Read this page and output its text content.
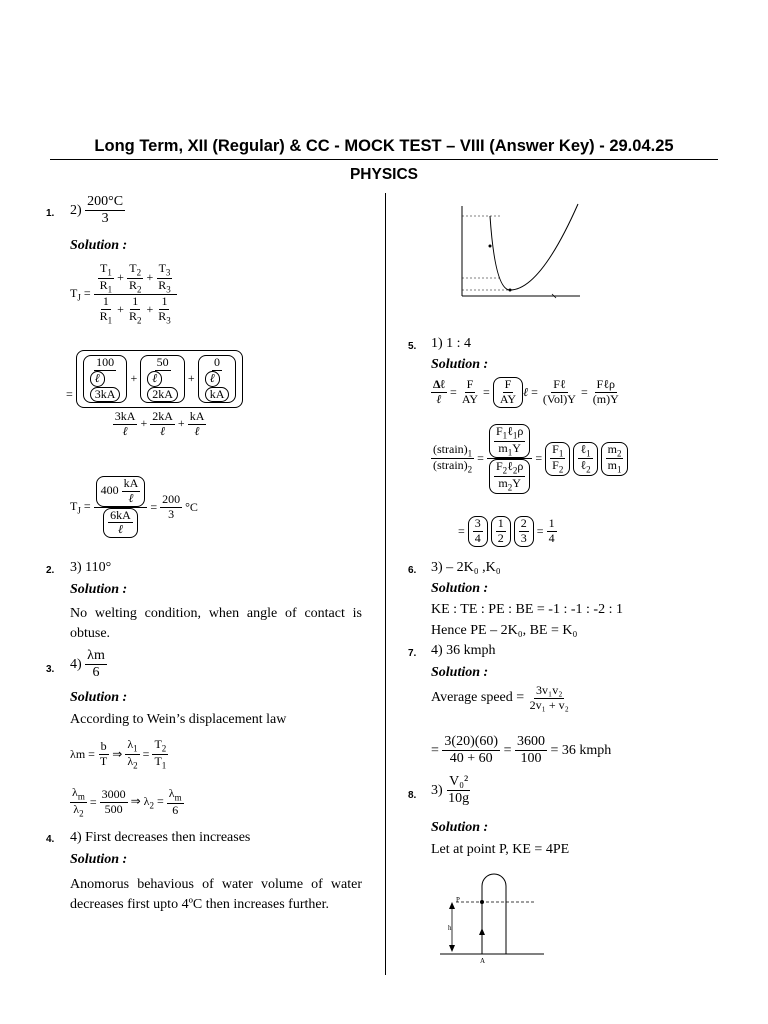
Long Term, XII (Regular) & CC - MOCK TEST – VIII (Answer Key) - 29.04.25
PHYSICS
1. $2) \frac{200^\circ C}{3}$
Solution :
$T_J = \frac{\frac{T_1}{R_1} + \frac{T_2}{R_2} + \frac{T_3}{R_3}}{\frac{1}{R_1} + \frac{1}{R_2} + \frac{1}{R_3}}$
=
100
ℓ
3kA
+
50
ℓ
2kA
+
0
ℓ
kA
$\frac{3kA}{\text{ℓ}} + \frac{2kA}{\text{ℓ}} + \frac{kA}{\text{ℓ}}$
$T_J = \frac{400 \frac{kA}{\text{ℓ}}}{\frac{6kA}{\text{ℓ}}} = \frac{200}{3} ^\circ C$
2. 3) 110°
Solution :
No welting condition, when angle of contact is obtuse.
3. $4) \frac{\lambda m}{6}$
Solution :
According to Wein’s displacement law
$\lambda m = \frac{b}{T}$ ⇒ $\frac{\lambda_1}{\lambda_2} = \frac{T_2}{T_1}$
$\frac{\lambda_m}{\lambda_2} = \frac{3000}{500}$ ⇒ $\lambda_2 = \frac{\lambda_m}{6}$
4. 4) First decreases then increases
Solution :
Anomorus behavious of water volume of water decreases first upto 4ºC then increases further.
5. 1) 1 : 4
Solution :
$\frac{\text{Δℓ}}{\text{ℓ}} = \frac{F}{AY} = \frac{F}{AY}$ ℓ = $\frac{\text{Fℓ}}{\text{(Vol)Y}} = \frac{\text{Fℓρ}}{(m)Y}$
$\frac{(strain)_1}{(strain)_2} = \frac{\frac{F_1\ell_1\rho}{m_1Y}}{\frac{F_2\ell_2\rho}{m_2Y}} = \frac{F_1}{F_2}$
$\frac{\ell_1}{\ell_2}$
$\frac{m_2}{m_1}$
= $\frac{3}{4}$
$\frac{1}{2}$
$\frac{2}{3} = \frac{1}{4}$
6. 3) – 2K₀ ,K₀
Solution :
KE : TE : PE : BE = -1 : -1 : -2 : 1
Hence PE – 2K₀, BE = K₀
7. 4) 36 kmph
Solution :
Average speed = $\frac{\text{3v₁v₂}}{\text{2v₁ + v₂}}$
= $\frac{3(20)(60)}{40 + 60} = \frac{3600}{100} = 36$ kmph
8. $3) \frac{\text{V₀²}}{10g}$
Solution :
Let at point P, KE = 4PE
P
h
A
